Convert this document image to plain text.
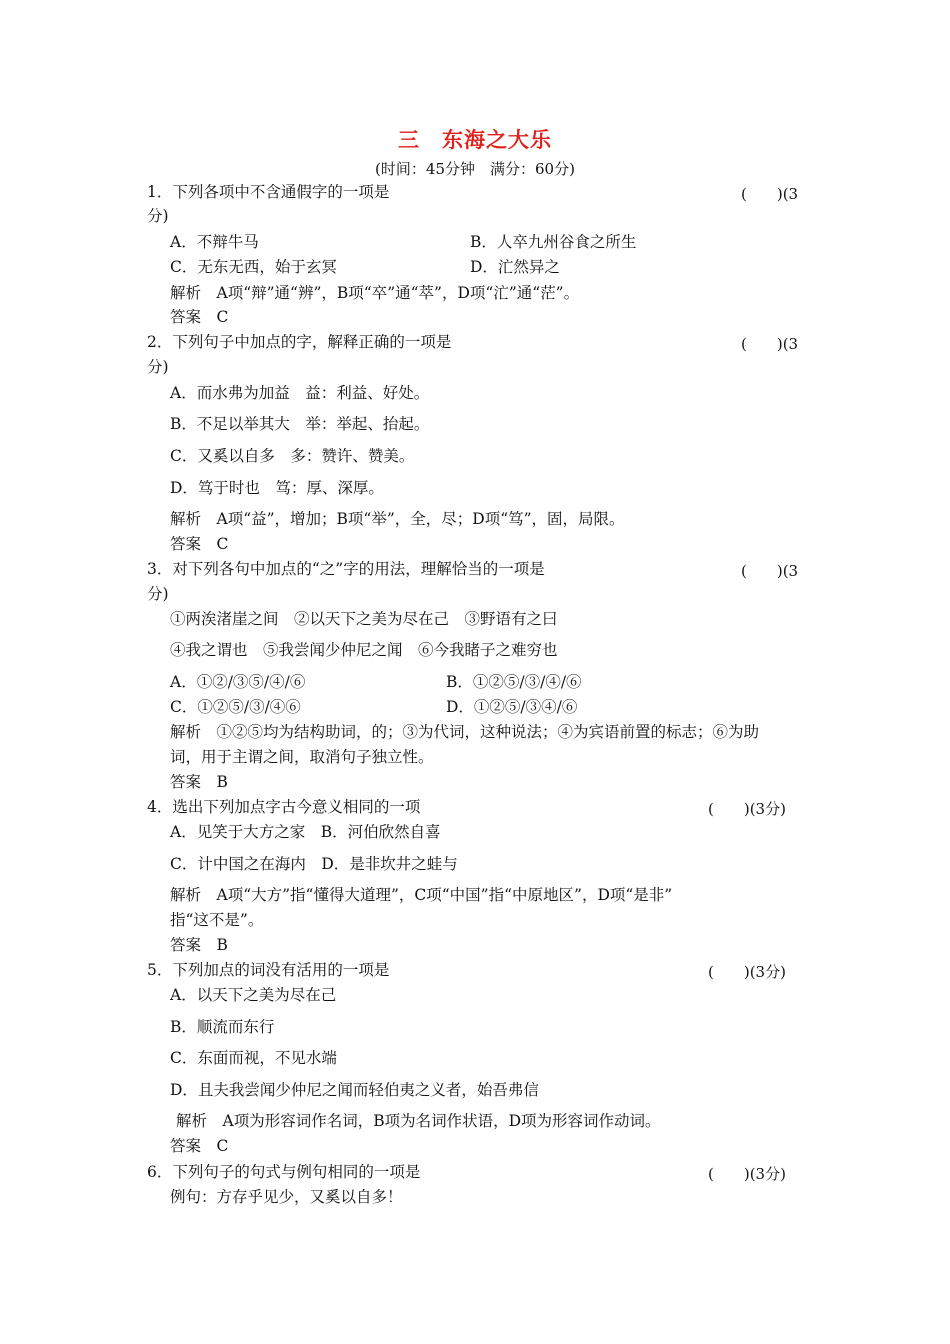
三　东海之大乐
(时间：45分钟　满分：60分)
1．下列各项中不含通假字的一项是	(　　)(3
分)
A．不辩牛马	B．人卒九州谷食之所生
C．无东无西，始于玄冥	D．汒然异之
解析　A项“辩”通“辨”，B项“卒”通“萃”，D项“汒”通“茫”。
答案　C
2．下列句子中加点的字，解释正确的一项是	(　　)(3
分)
A．而水弗为加益　益：利益、好处。
B．不足以举其大　举：举起、抬起。
C．又奚以自多　多：赞许、赞美。
D．笃于时也　笃：厚、深厚。
解析　A项“益”，增加；B项“举”，全，尽；D项“笃”，固，局限。
答案　C
3．对下列各句中加点的“之”字的用法，理解恰当的一项是	(　　)(3
分)
①两涘渚崖之间　②以天下之美为尽在己　③野语有之曰
④我之谓也　⑤我尝闻少仲尼之闻　⑥今我睹子之难穷也
A．①②/③⑤/④/⑥	B．①②⑤/③/④/⑥
C．①②⑤/③/④⑥	D．①②⑤/③④/⑥
解析　①②⑤均为结构助词，的；③为代词，这种说法；④为宾语前置的标志；⑥为助
词，用于主谓之间，取消句子独立性。
答案　B
4．选出下列加点字古今意义相同的一项	(　　)(3分)
A．见笑于大方之家　B．河伯欣然自喜
C．计中国之在海内　D．是非坎井之蛙与
解析　A项“大方”指“懂得大道理”，C项“中国”指“中原地区”，D项“是非”
指“这不是”。
答案　B
5．下列加点的词没有活用的一项是	(　　)(3分)
A．以天下之美为尽在己
B．顺流而东行
C．东面而视，不见水端
D．且夫我尝闻少仲尼之闻而轻伯夷之义者，始吾弗信
解析　A项为形容词作名词，B项为名词作状语，D项为形容词作动词。
答案　C
6．下列句子的句式与例句相同的一项是	(　　)(3分)
例句：方存乎见少，又奚以自多！
